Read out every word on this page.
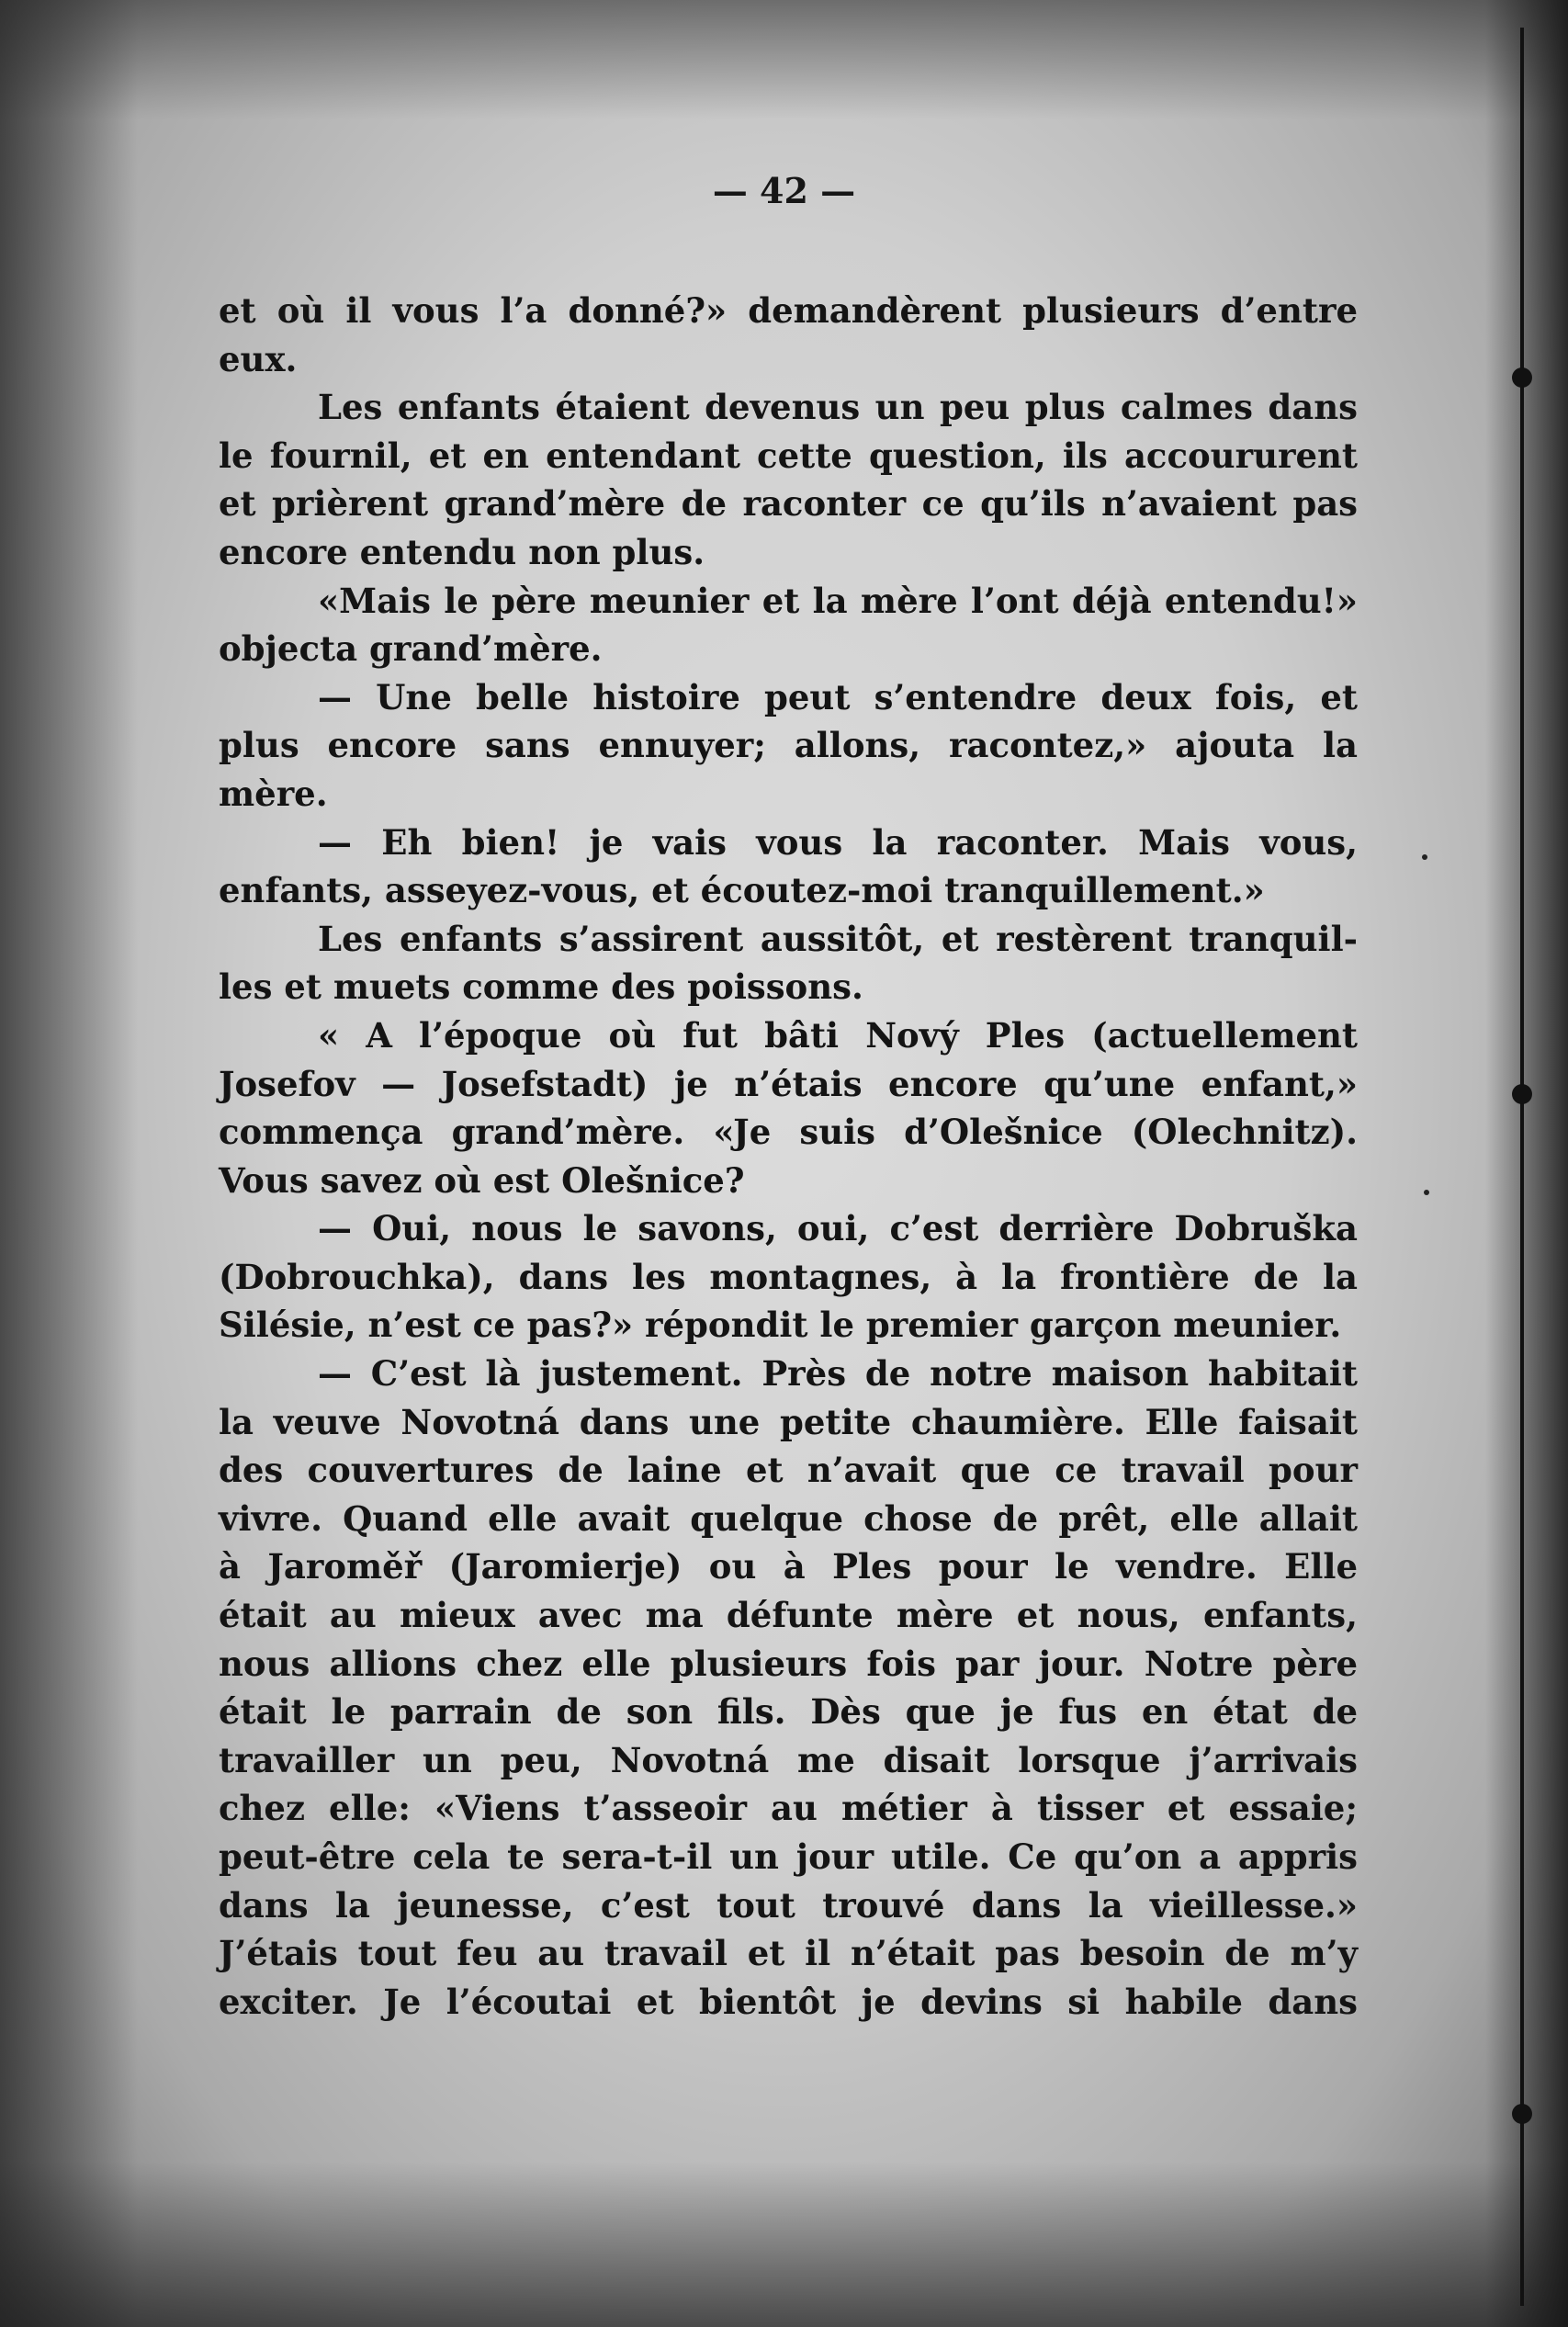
— 42 —
et où il vous l’a donné?» demandèrent plusieurs d’entre
eux.
Les enfants étaient devenus un peu plus calmes dans
le fournil, et en entendant cette question, ils accoururent
et prièrent grand’mère de raconter ce qu’ils n’avaient pas
encore entendu non plus.
«Mais le père meunier et la mère l’ont déjà entendu!»
objecta grand’mère.
— Une belle histoire peut s’entendre deux fois, et
plus encore sans ennuyer; allons, racontez,» ajouta la
mère.
— Eh bien! je vais vous la raconter. Mais vous,
enfants, asseyez-vous, et écoutez-moi tranquillement.»
Les enfants s’assirent aussitôt, et restèrent tranquil-
les et muets comme des poissons.
« A l’époque où fut bâti Nový Ples (actuellement
Josefov — Josefstadt) je n’étais encore qu’une enfant,»
commença grand’mère. «Je suis d’Olešnice (Olechnitz).
Vous savez où est Olešnice?
— Oui, nous le savons, oui, c’est derrière Dobruška
(Dobrouchka), dans les montagnes, à la frontière de la
Silésie, n’est ce pas?» répondit le premier garçon meunier.
— C’est là justement. Près de notre maison habitait
la veuve Novotná dans une petite chaumière. Elle faisait
des couvertures de laine et n’avait que ce travail pour
vivre. Quand elle avait quelque chose de prêt, elle allait
à Jaroměř (Jaromierje) ou à Ples pour le vendre. Elle
était au mieux avec ma défunte mère et nous, enfants,
nous allions chez elle plusieurs fois par jour. Notre père
était le parrain de son fils. Dès que je fus en état de
travailler un peu, Novotná me disait lorsque j’arrivais
chez elle: «Viens t’asseoir au métier à tisser et essaie;
peut-être cela te sera-t-il un jour utile. Ce qu’on a appris
dans la jeunesse, c’est tout trouvé dans la vieillesse.»
J’étais tout feu au travail et il n’était pas besoin de m’y
exciter. Je l’écoutai et bientôt je devins si habile dans
